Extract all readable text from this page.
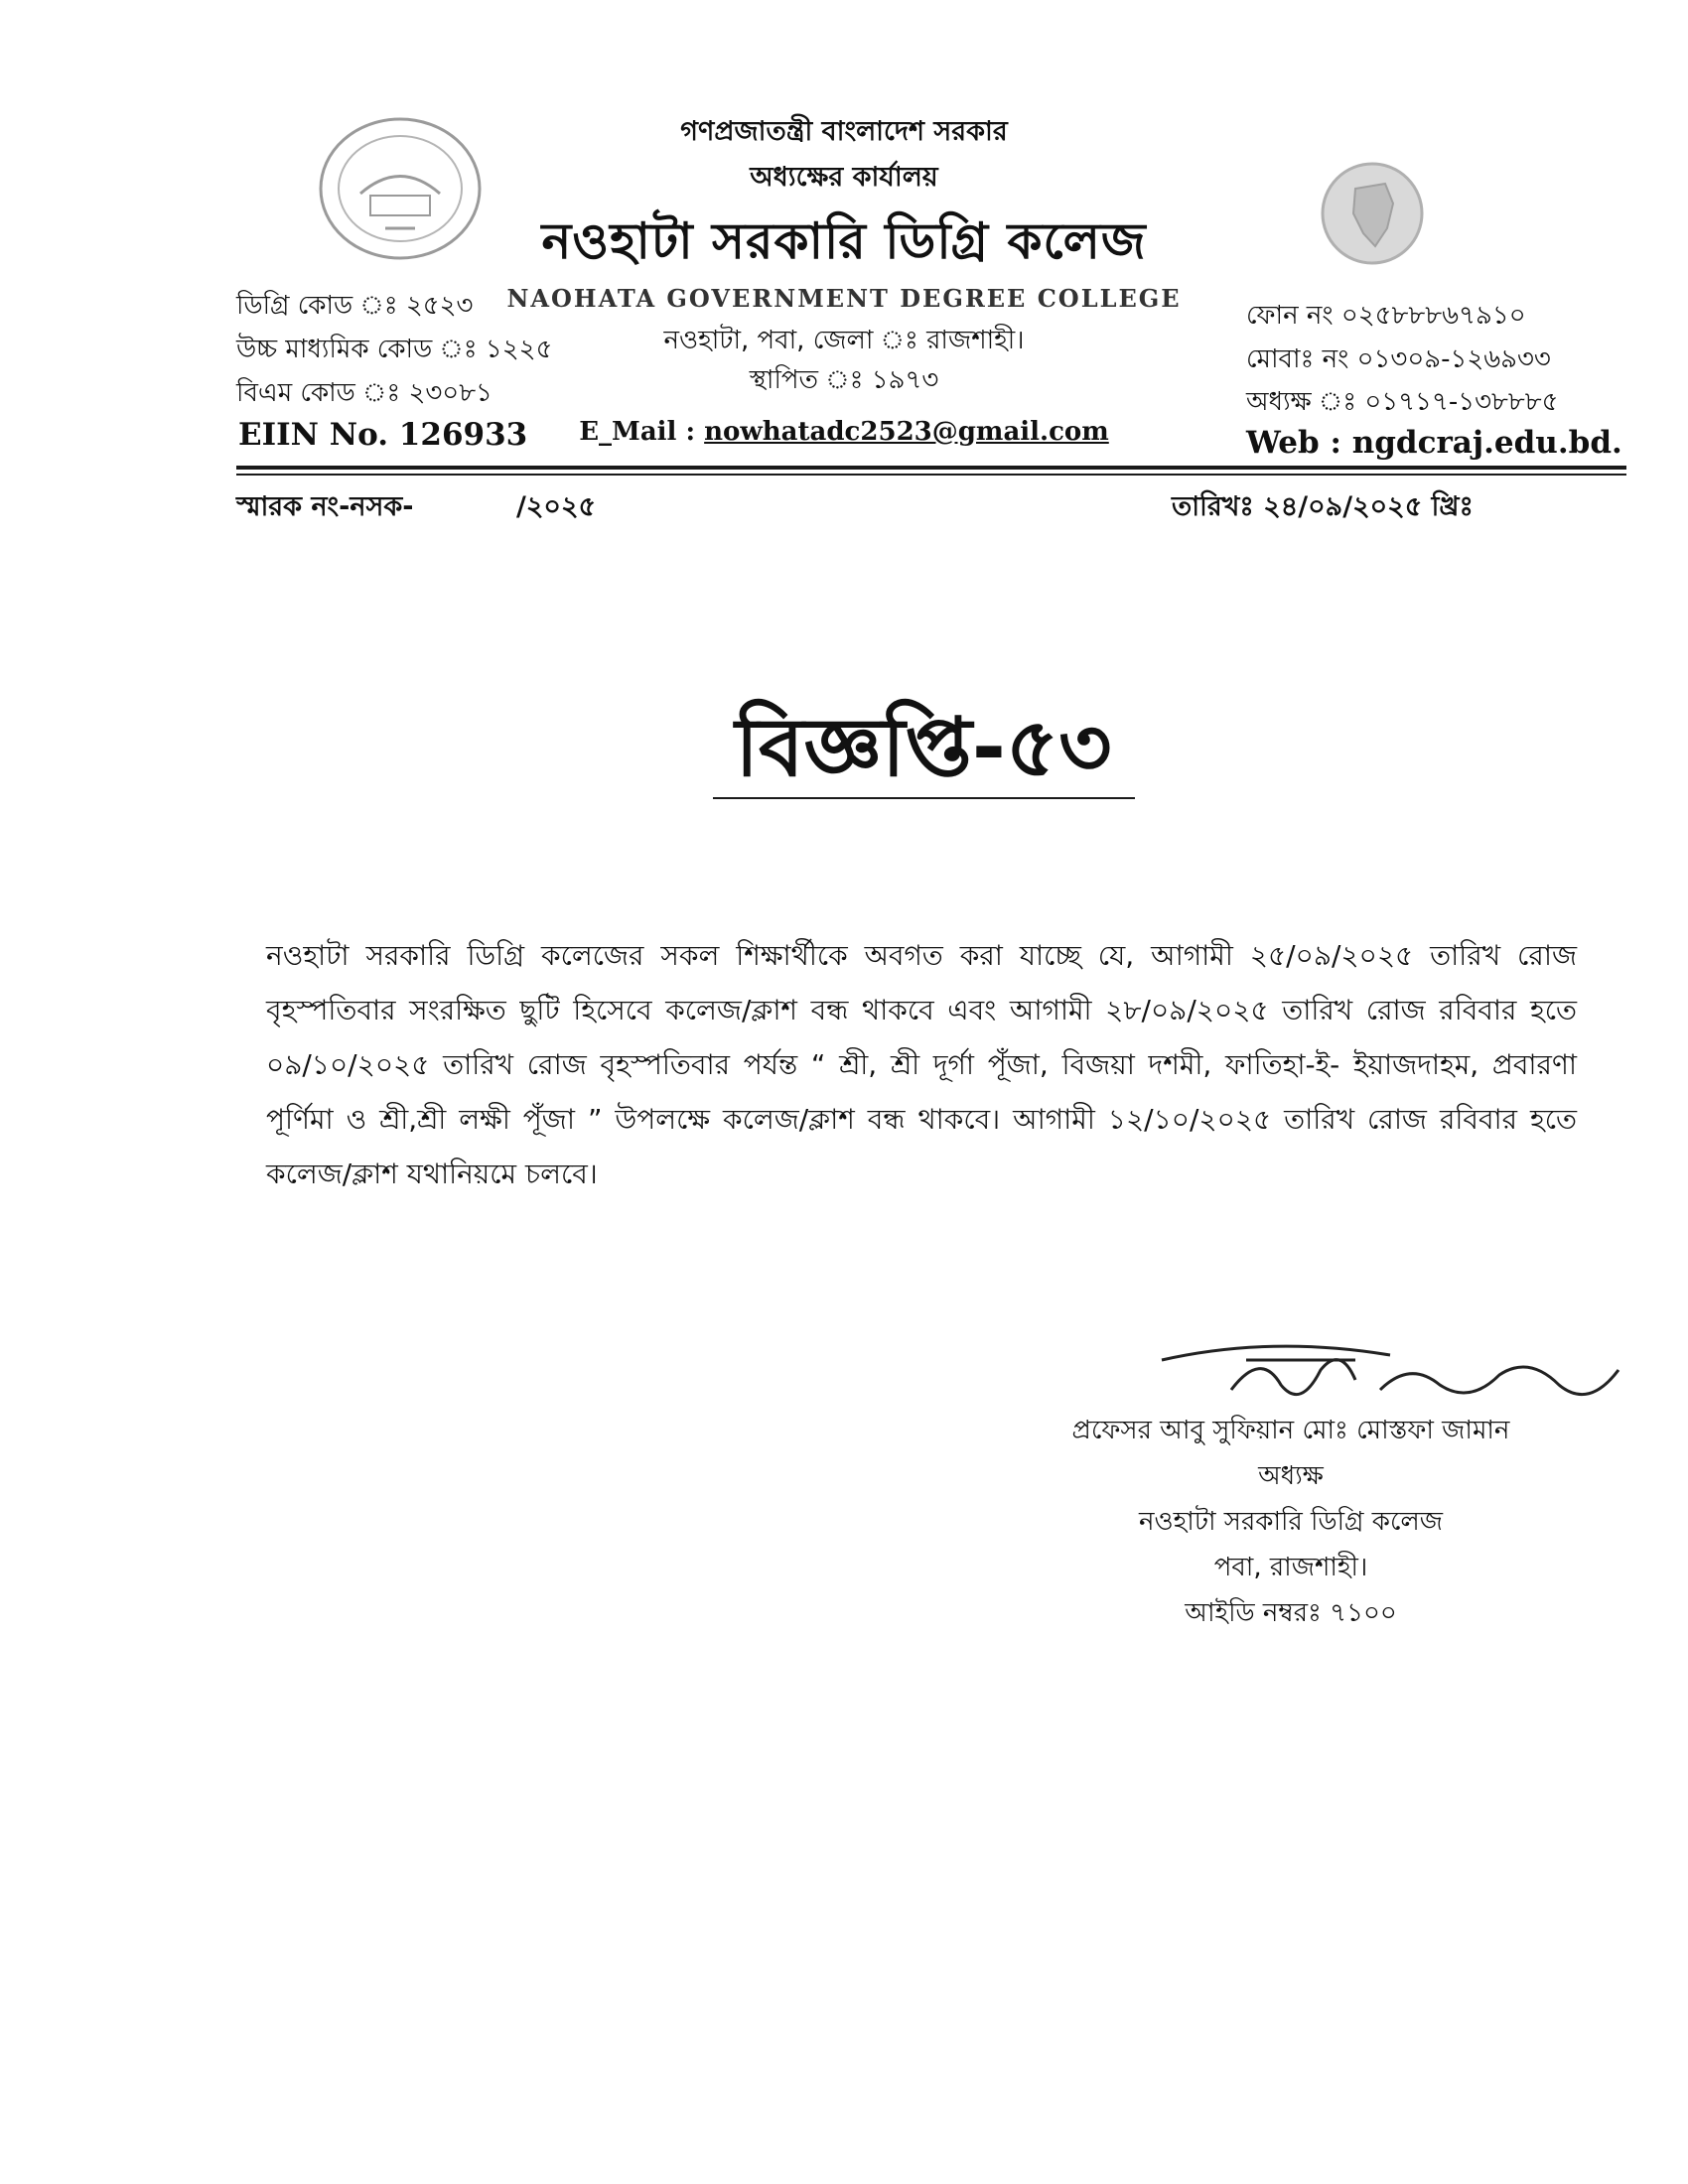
গণপ্রজাতন্ত্রী বাংলাদেশ সরকার
অধ্যক্ষের কার্যালয়
নওহাটা সরকারি ডিগ্রি কলেজ
NAOHATA GOVERNMENT DEGREE COLLEGE
নওহাটা, পবা, জেলা ঃ রাজশাহী।
স্থাপিত ঃ ১৯৭৩
E_Mail : nowhatadc2523@gmail.com
ডিগ্রি কোড ঃ ২৫২৩
উচ্চ মাধ্যমিক কোড ঃ ১২২৫
বিএম কোড ঃ ২৩০৮১
EIIN No. 126933
ফোন নং ০২৫৮৮৮৬৭৯১০
মোবাঃ নং ০১৩০৯-১২৬৯৩৩
অধ্যক্ষ ঃ ০১৭১৭-১৩৮৮৮৫
Web : ngdcraj.edu.bd.
স্মারক নং-নসক-	/২০২৫	তারিখঃ ২৪/০৯/২০২৫ খ্রিঃ
বিজ্ঞপ্তি-৫৩
নওহাটা সরকারি ডিগ্রি কলেজের সকল শিক্ষার্থীকে অবগত করা যাচ্ছে যে, আগামী ২৫/০৯/২০২৫ তারিখ রোজ বৃহস্পতিবার সংরক্ষিত ছুটি হিসেবে কলেজ/ক্লাশ বন্ধ থাকবে এবং আগামী ২৮/০৯/২০২৫ তারিখ রোজ রবিবার হতে ০৯/১০/২০২৫ তারিখ রোজ বৃহস্পতিবার পর্যন্ত “ শ্রী, শ্রী দূর্গা পূঁজা, বিজয়া দশমী, ফাতিহা-ই- ইয়াজদাহম, প্রবারণা পূর্ণিমা ও শ্রী,শ্রী লক্ষী পূঁজা ” উপলক্ষে কলেজ/ক্লাশ বন্ধ থাকবে। আগামী ১২/১০/২০২৫ তারিখ রোজ রবিবার হতে কলেজ/ক্লাশ যথানিয়মে চলবে।
প্রফেসর আবু সুফিয়ান মোঃ মোস্তফা জামান
অধ্যক্ষ
নওহাটা সরকারি ডিগ্রি কলেজ
পবা, রাজশাহী।
আইডি নম্বরঃ ৭১০০
